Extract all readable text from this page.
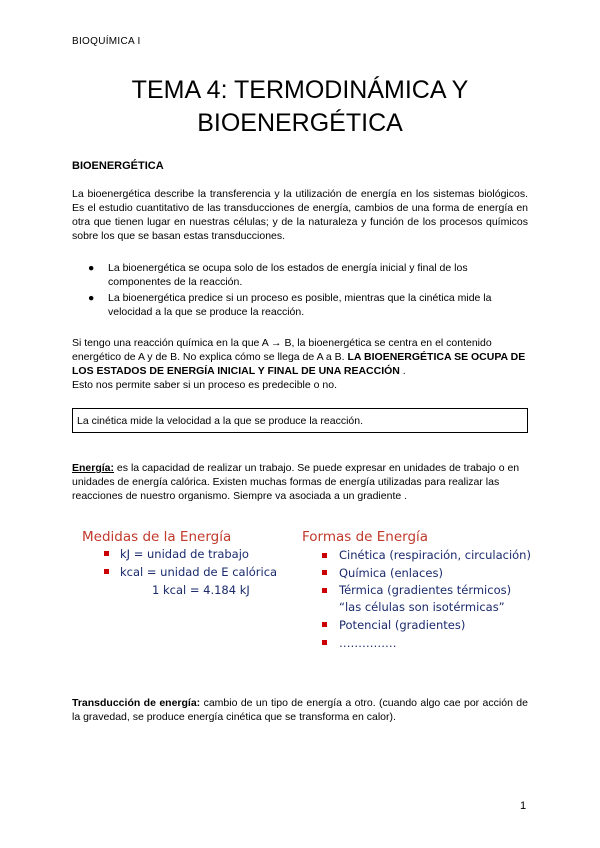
BIOQUÍMICA I
TEMA 4: TERMODINÁMICA Y
BIOENERGÉTICA
BIOENERGÉTICA
La bioenergética describe la transferencia y la utilización de energía en los sistemas biológicos. Es el estudio cuantitativo de las transducciones de energía, cambios de una forma de energía en otra que tienen lugar en nuestras células; y de la naturaleza y función de los procesos químicos sobre los que se basan estas transducciones.
● La bioenergética se ocupa solo de los estados de energía inicial y final de los componentes de la reacción.
● La bioenergética predice si un proceso es posible, mientras que la cinética mide la velocidad a la que se produce la reacción.
Si tengo una reacción química en la que A → B, la bioenergética se centra en el contenido energético de A y de B. No explica cómo se llega de A a B. LA BIOENERGÉTICA SE OCUPA DE LOS ESTADOS DE ENERGÍA INICIAL Y FINAL DE UNA REACCIÓN .
Esto nos permite saber si un proceso es predecible o no.
La cinética mide la velocidad a la que se produce la reacción.
Energía: es la capacidad de realizar un trabajo. Se puede expresar en unidades de trabajo o en unidades de energía calórica. Existen muchas formas de energía utilizadas para realizar las reacciones de nuestro organismo. Siempre va asociada a un gradiente .
Medidas de la Energía
kJ = unidad de trabajo
kcal = unidad de E calórica
1 kcal = 4.184 kJ
Formas de Energía
Cinética (respiración, circulación)
Química (enlaces)
Térmica (gradientes térmicos) “las células son isotérmicas”
Potencial (gradientes)
……………
Transducción de energía: cambio de un tipo de energía a otro. (cuando algo cae por acción de la gravedad, se produce energía cinética que se transforma en calor).
1
